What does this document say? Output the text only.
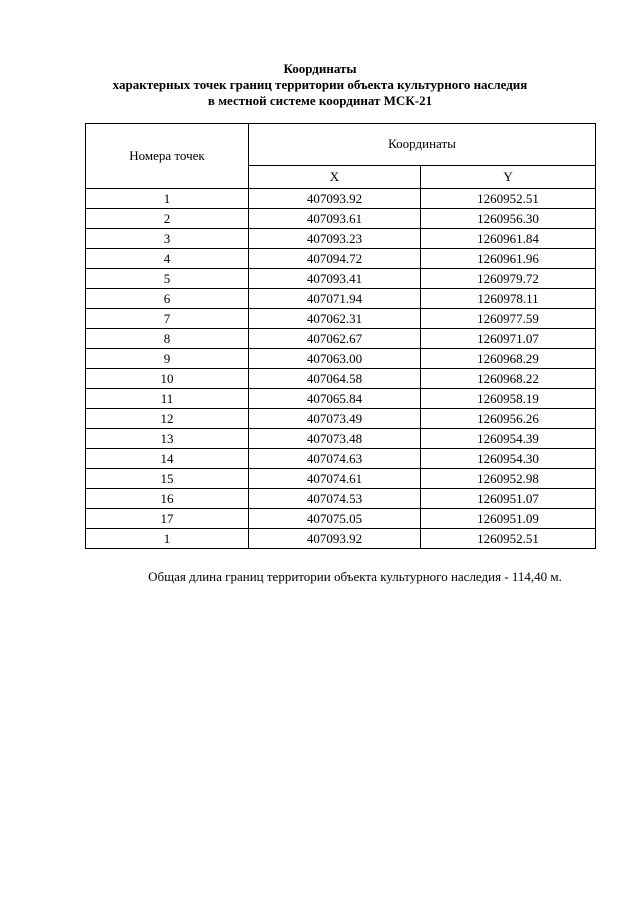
Координаты
характерных точек границ территории объекта культурного наследия
в местной системе координат МСК-21
Номера точек	Координаты	
	X	Y
1	407093.92	1260952.51
2	407093.61	1260956.30
3	407093.23	1260961.84
4	407094.72	1260961.96
5	407093.41	1260979.72
6	407071.94	1260978.11
7	407062.31	1260977.59
8	407062.67	1260971.07
9	407063.00	1260968.29
10	407064.58	1260968.22
11	407065.84	1260958.19
12	407073.49	1260956.26
13	407073.48	1260954.39
14	407074.63	1260954.30
15	407074.61	1260952.98
16	407074.53	1260951.07
17	407075.05	1260951.09
1	407093.92	1260952.51
Общая длина границ территории объекта культурного наследия - 114,40 м.
